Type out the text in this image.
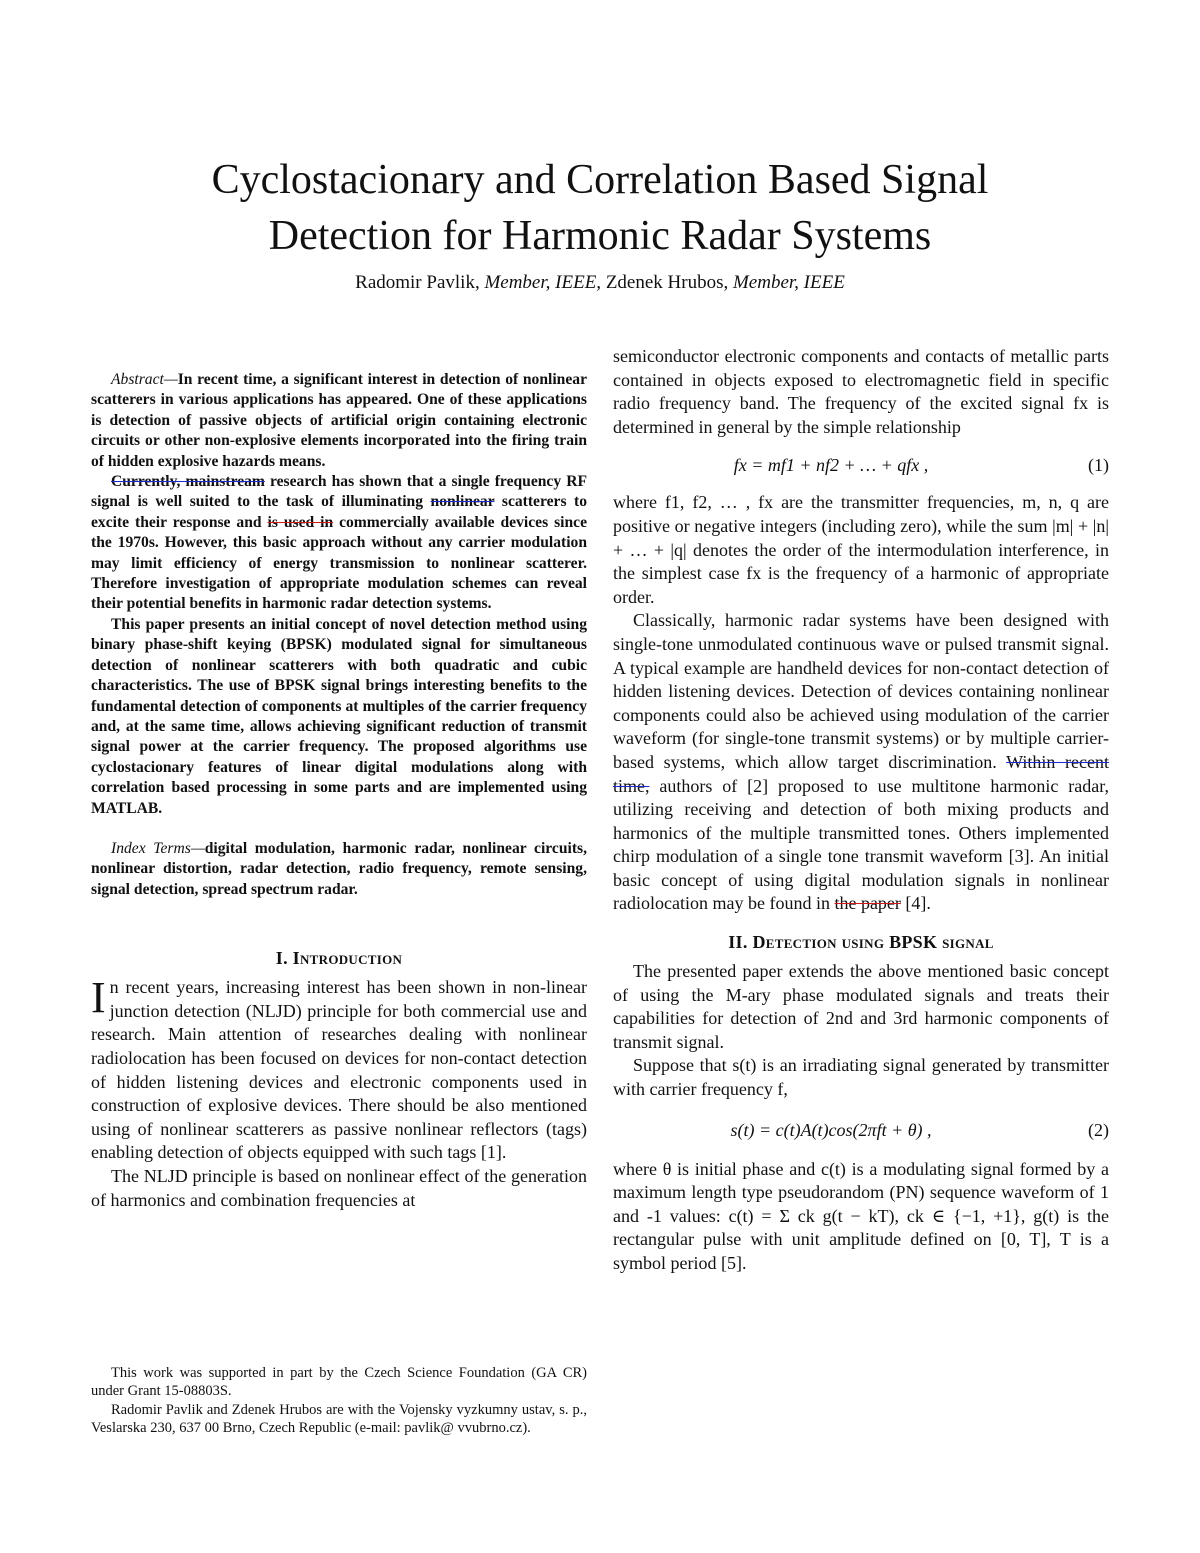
Cyclostacionary and Correlation Based Signal
Detection for Harmonic Radar Systems
Radomir Pavlik, Member, IEEE, Zdenek Hrubos, Member, IEEE

Abstract—In recent time, a significant interest in detection of nonlinear scatterers in various applications has appeared. One of these applications is detection of passive objects of artificial origin containing electronic circuits or other non-explosive elements incorporated into the firing train of hidden explosive hazards means.

Currently, mainstream research has shown that a single frequency RF signal is well suited to the task of illuminating nonlinear scatterers to excite their response and is used in commercially available devices since the 1970s. However, this basic approach without any carrier modulation may limit efficiency of energy transmission to nonlinear scatterer. Therefore investigation of appropriate modulation schemes can reveal their potential benefits in harmonic radar detection systems.

This paper presents an initial concept of novel detection method using binary phase-shift keying (BPSK) modulated signal for simultaneous detection of nonlinear scatterers with both quadratic and cubic characteristics. The use of BPSK signal brings interesting benefits to the fundamental detection of components at multiples of the carrier frequency and, at the same time, allows achieving significant reduction of transmit signal power at the carrier frequency. The proposed algorithms use cyclostacionary features of linear digital modulations along with correlation based processing in some parts and are implemented using MATLAB.

Index Terms—digital modulation, harmonic radar, nonlinear circuits, nonlinear distortion, radar detection, radio frequency, remote sensing, signal detection, spread spectrum radar.

I. Introduction

In recent years, increasing interest has been shown in non-linear junction detection (NLJD) principle for both commercial use and research. Main attention of researches dealing with nonlinear radiolocation has been focused on devices for non-contact detection of hidden listening devices and electronic components used in construction of explosive devices. There should be also mentioned using of nonlinear scatterers as passive nonlinear reflectors (tags) enabling detection of objects equipped with such tags [1].

The NLJD principle is based on nonlinear effect of the generation of harmonics and combination frequencies at

This work was supported in part by the Czech Science Foundation (GA CR) under Grant 15-08803S.

Radomir Pavlik and Zdenek Hrubos are with the Vojensky vyzkumny ustav, s. p., Veslarska 230, 637 00 Brno, Czech Republic (e-mail: pavlik@ vvubrno.cz).

semiconductor electronic components and contacts of metallic parts contained in objects exposed to electromagnetic field in specific radio frequency band. The frequency of the excited signal fx is determined in general by the simple relationship

fx = mf1 + nf2 + … + qfx ,	(1)

where f1, f2, … , fx are the transmitter frequencies, m, n, q are positive or negative integers (including zero), while the sum |m| + |n| + … + |q| denotes the order of the intermodulation interference, in the simplest case fx is the frequency of a harmonic of appropriate order.

Classically, harmonic radar systems have been designed with single-tone unmodulated continuous wave or pulsed transmit signal. A typical example are handheld devices for non-contact detection of hidden listening devices. Detection of devices containing nonlinear components could also be achieved using modulation of the carrier waveform (for single-tone transmit systems) or by multiple carrier-based systems, which allow target discrimination. Within recent time, authors of [2] proposed to use multitone harmonic radar, utilizing receiving and detection of both mixing products and harmonics of the multiple transmitted tones. Others implemented chirp modulation of a single tone transmit waveform [3]. An initial basic concept of using digital modulation signals in nonlinear radiolocation may be found in the paper [4].

II. Detection using BPSK signal

The presented paper extends the above mentioned basic concept of using the M-ary phase modulated signals and treats their capabilities for detection of 2nd and 3rd harmonic components of transmit signal.

Suppose that s(t) is an irradiating signal generated by transmitter with carrier frequency f,

s(t) = c(t)A(t)cos(2πft + θ) ,	(2)

where θ is initial phase and c(t) is a modulating signal formed by a maximum length type pseudorandom (PN) sequence waveform of 1 and -1 values: c(t) = Σ ck g(t − kT), ck ∈ {−1, +1}, g(t) is the rectangular pulse with unit amplitude defined on [0, T], T is a symbol period [5].
